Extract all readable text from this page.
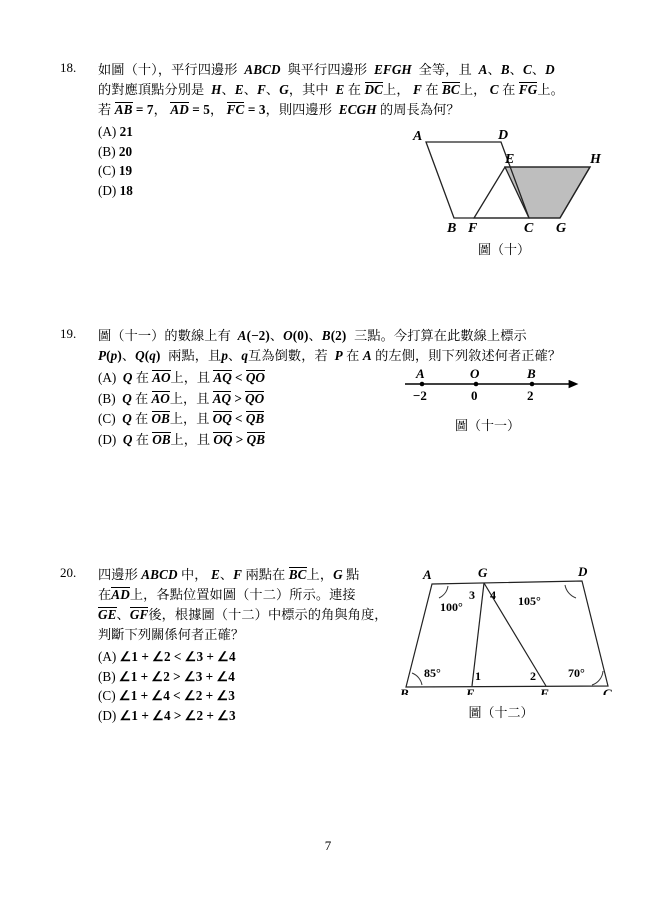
18.	如圖（十），平行四邊形  ABCD  與平行四邊形  EFGH  全等，且  A、B、C、D
的對應頂點分別是  H、E、F、G，其中  E 在 DC上， F 在 BC上， C 在 FG上。
若 AB = 7， AD = 5， FC = 3，則四邊形  ECGH 的周長為何？
(A) 21
(B) 20
(C) 19
(D) 18
A	D
E	H
B F	C G
圖（十）
19.	圖（十一）的數線上有  A(−2)、O(0)、B(2)  三點。今打算在此數線上標示
P(p)、Q(q)  兩點，且p、q互為倒數，若  P 在 A 的左側，則下列敘述何者正確？
(A)  Q 在 AO上，且 AQ < QO
(B)  Q 在 AO上，且 AQ > QO
(C)  Q 在 OB上，且 OQ < QB
(D)  Q 在 OB上，且 OQ > QB
A	O	B
−2	0	2
圖（十一）
20.	四邊形 ABCD 中， E、F 兩點在 BC上，G 點
在AD上，各點位置如圖（十二）所示。連接
GE、GF後，根據圖（十二）中標示的角與角度，
判斷下列關係何者正確？
(A) ∠1 + ∠2 < ∠3 + ∠4
(B) ∠1 + ∠2 > ∠3 + ∠4
(C) ∠1 + ∠4 < ∠2 + ∠3
(D) ∠1 + ∠4 > ∠2 + ∠3
A	G	D
B	E	F	C
3 4
1	2
100°	105°
85°	70°
圖（十二）
7
